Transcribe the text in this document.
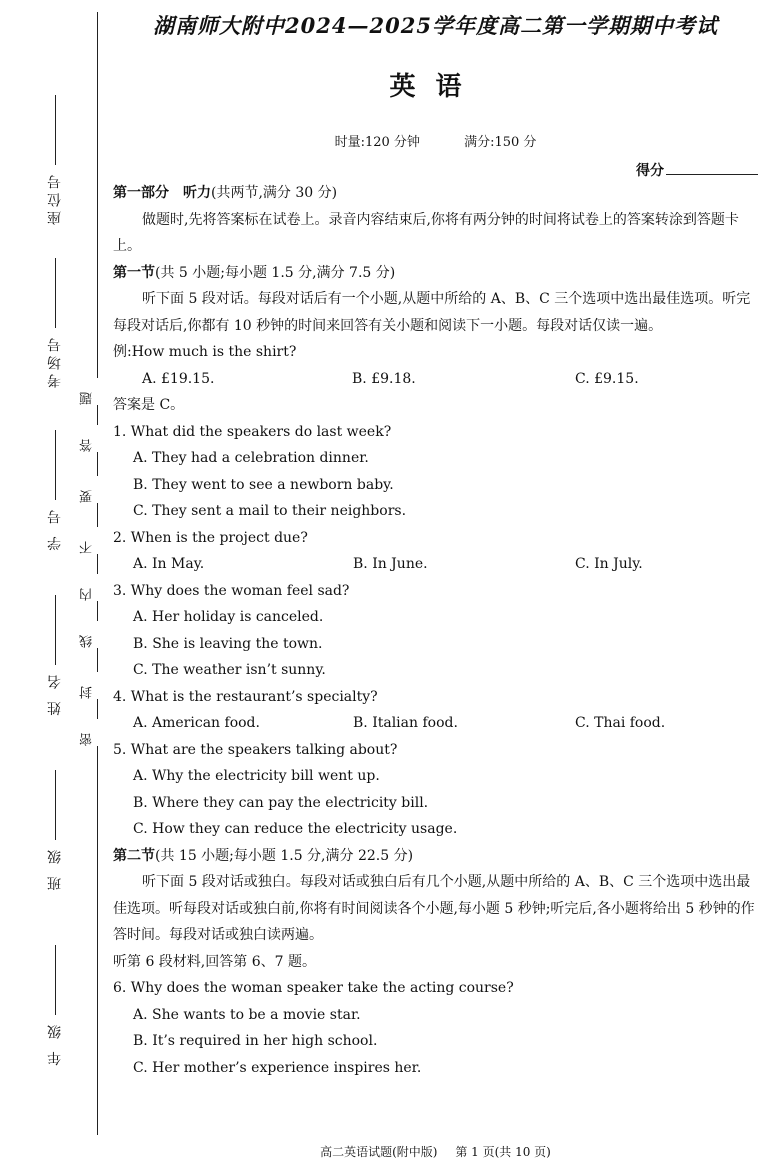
座位号
考场号
学 号
姓 名
班 级
年 级
题
答
要
不
内
线
封
密
湖南师大附中2024—2025学年度高二第一学期期中考试
英语
时量:120 分钟	满分:150 分
得分

第一部分　听力(共两节,满分 30 分)

做题时,先将答案标在试卷上。录音内容结束后,你将有两分钟的时间将试卷上的答案转涂到答题卡上。

第一节(共 5 小题;每小题 1.5 分,满分 7.5 分)

听下面 5 段对话。每段对话后有一个小题,从题中所给的 A、B、C 三个选项中选出最佳选项。听完每段对话后,你都有 10 秒钟的时间来回答有关小题和阅读下一小题。每段对话仅读一遍。

例:How much is the shirt?

A. £19.15.	B. £9.18.	C. £9.15.

答案是 C。

1. What did the speakers do last week?

A. They had a celebration dinner.

B. They went to see a newborn baby.

C. They sent a mail to their neighbors.

2. When is the project due?

A. In May.	B. In June.	C. In July.

3. Why does the woman feel sad?

A. Her holiday is canceled.

B. She is leaving the town.

C. The weather isn’t sunny.

4. What is the restaurant’s specialty?

A. American food.	B. Italian food.	C. Thai food.

5. What are the speakers talking about?

A. Why the electricity bill went up.

B. Where they can pay the electricity bill.

C. How they can reduce the electricity usage.

第二节(共 15 小题;每小题 1.5 分,满分 22.5 分)

听下面 5 段对话或独白。每段对话或独白后有几个小题,从题中所给的 A、B、C 三个选项中选出最佳选项。听每段对话或独白前,你将有时间阅读各个小题,每小题 5 秒钟;听完后,各小题将给出 5 秒钟的作答时间。每段对话或独白读两遍。

听第 6 段材料,回答第 6、7 题。

6. Why does the woman speaker take the acting course?

A. She wants to be a movie star.

B. It’s required in her high school.

C. Her mother’s experience inspires her.

高二英语试题(附中版) 第 1 页(共 10 页)
